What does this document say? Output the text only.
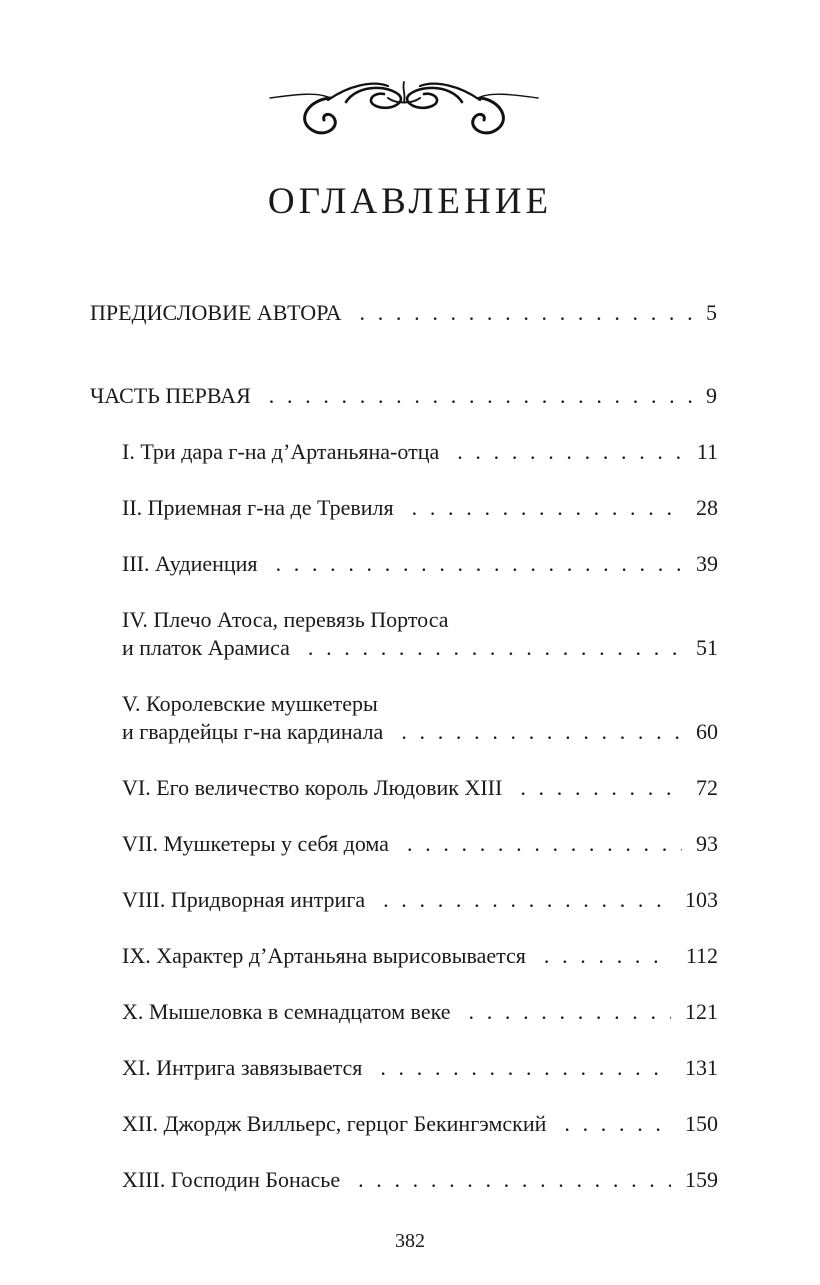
ОГЛАВЛЕНИЕ
ПРЕДИСЛОВИЕ АВТОРА . . .	5
ЧАСТЬ ПЕРВАЯ . . .	9
I. Три дара г-на д’Артаньяна-отца . . .	11
II. Приемная г-на де Тревиля . . .	28
III. Аудиенция . . .	39
IV. Плечо Атоса, перевязь Портоса
и платок Арамиса . . .	51
V. Королевские мушкетеры
и гвардейцы г-на кардинала . . .	60
VI. Его величество король Людовик XIII . . .	72
VII. Мушкетеры у себя дома . . .	93
VIII. Придворная интрига . . .	103
IX. Характер д’Артаньяна вырисовывается . . .	112
X. Мышеловка в семнадцатом веке . . .	121
XI. Интрига завязывается . . .	131
XII. Джордж Вилльерс, герцог Бекингэмский . . .	150
XIII. Господин Бонасье . . .	159
382
